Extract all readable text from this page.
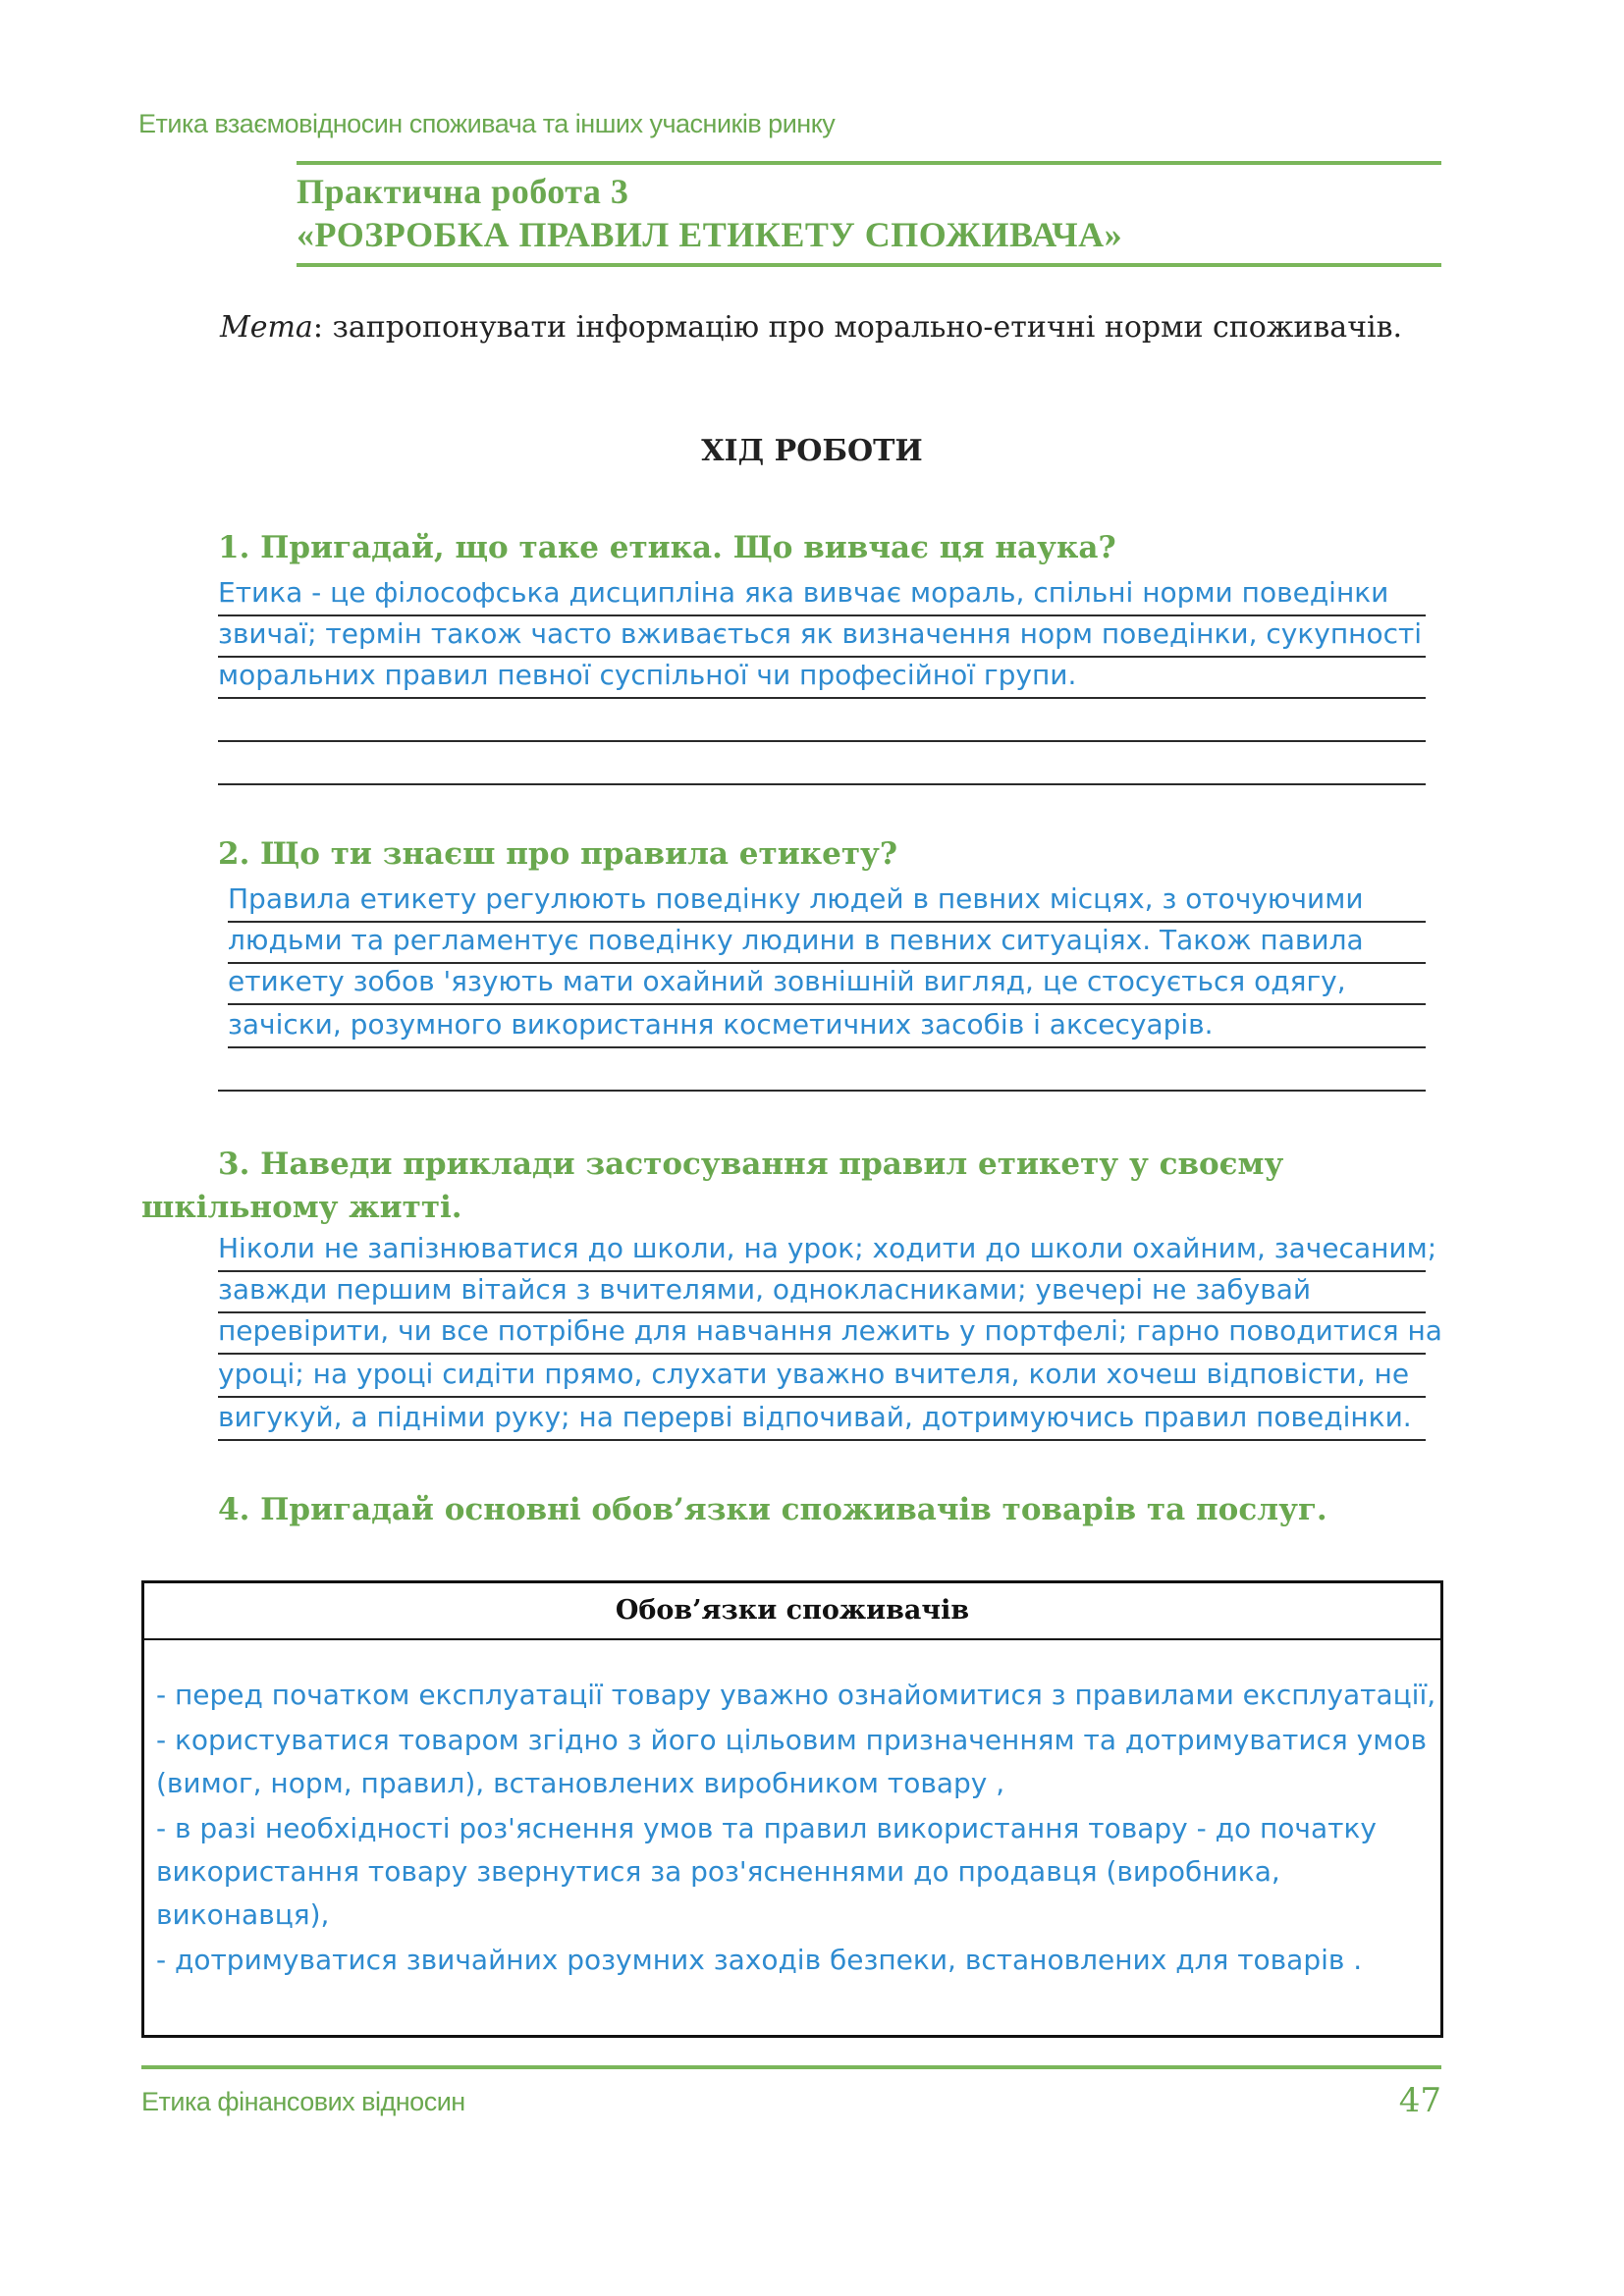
Етика взаємовідносин споживача та інших учасників ринку
Практична робота 3
«РОЗРОБКА ПРАВИЛ ЕТИКЕТУ СПОЖИВАЧА»
Мета: запропонувати інформацію про морально-етичні норми споживачів.
ХІД РОБОТИ
1. Пригадай, що таке етика. Що вивчає ця наука?
Етика - це філософська дисципліна яка вивчає мораль, спільні норми поведінки
звичаї; термін також часто вживається як визначення норм поведінки, сукупності
моральних правил певної суспільної чи професійної групи.
2. Що ти знаєш про правила етикету?
Правила етикету регулюють поведінку людей в певних місцях, з оточуючими
людьми та регламентує поведінку людини в певних ситуаціях. Також павила
етикету зобов 'язують мати охайний зовнішній вигляд, це стосується одягу,
зачіски, розумного використання косметичних засобів і аксесуарів.
3. Наведи приклади застосування правил етикету у своєму шкільному житті.
Ніколи не запізнюватися до школи, на урок; ходити до школи охайним, зачесаним;
завжди першим вітайся з вчителями, однокласниками; увечері не забувай
перевірити, чи все потрібне для навчання лежить у портфелі; гарно поводитися на
уроці; на уроці сидіти прямо, слухати уважно вчителя, коли хочеш відповісти, не
вигукуй, а підніми руку; на перерві відпочивай, дотримуючись правил поведінки.
4. Пригадай основні обов’язки споживачів товарів та послуг.
Обов’язки споживачів

- перед початком експлуатації товару уважно ознайомитися з правилами експлуатації,

- користуватися товаром згідно з його цільовим призначенням та дотримуватися умов (вимог, норм, правил), встановлених виробником товару ,

- в разі необхідності роз'яснення умов та правил використання товару - до початку використання товару звернутися за роз'ясненнями до продавця (виробника, виконавця),

- дотримуватися звичайних розумних заходів безпеки, встановлених для товарів .

Етика фінансових відносин	47
